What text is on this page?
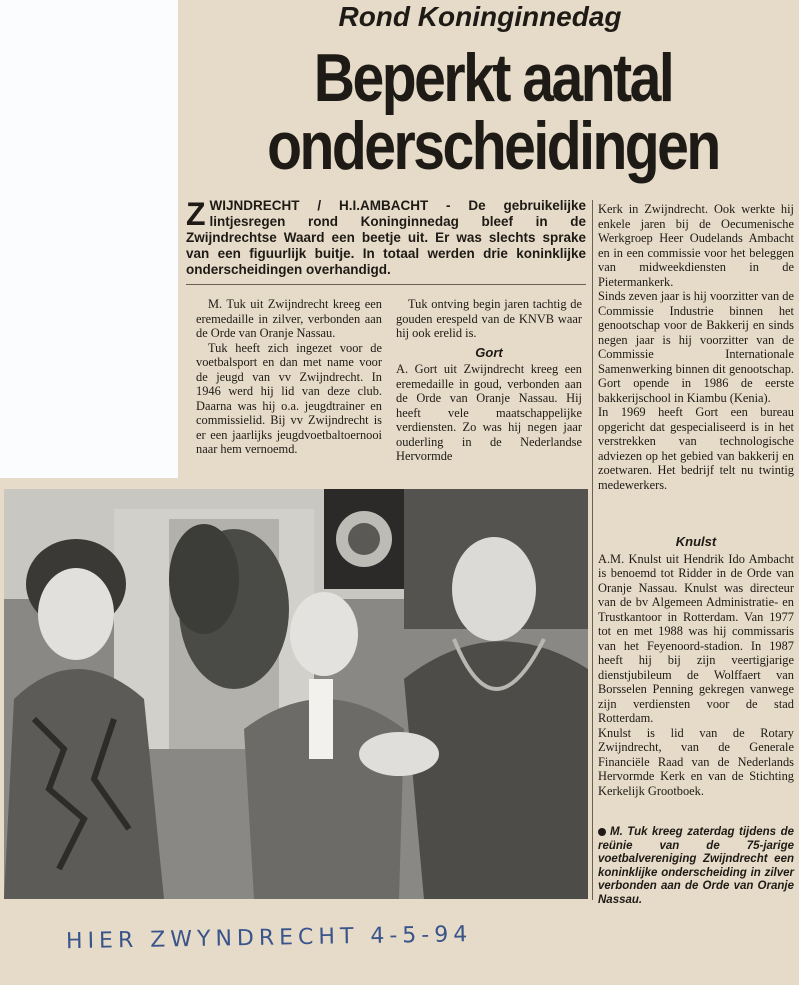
Rond Koninginnedag
Beperkt aantal
onderscheidingen

ZWIJNDRECHT / H.I.AMBACHT - De gebruikelijke lintjesregen rond Koninginnedag bleef in de Zwijndrechtse Waard een beetje uit. Er was slechts sprake van een figuurlijk buitje. In totaal werden drie koninklijke onderscheidingen overhandigd.

M. Tuk uit Zwijndrecht kreeg een eremedaille in zilver, verbonden aan de Orde van Oranje Nassau.

Tuk heeft zich ingezet voor de voetbalsport en dan met name voor de jeugd van vv Zwijndrecht. In 1946 werd hij lid van deze club. Daarna was hij o.a. jeugdtrainer en commissielid. Bij vv Zwijndrecht is er een jaarlijks jeugdvoetbaltoernooi naar hem vernoemd.

Tuk ontving begin jaren tachtig de gouden erespeld van de KNVB waar hij ook erelid is.

Gort

A. Gort uit Zwijndrecht kreeg een eremedaille in goud, verbonden aan de Orde van Oranje Nassau. Hij heeft vele maatschappelijke verdiensten. Zo was hij negen jaar ouderling in de Nederlandse Hervormde

Kerk in Zwijndrecht. Ook werkte hij enkele jaren bij de Oecumenische Werkgroep Heer Oudelands Ambacht en in een commissie voor het beleggen van midweekdiensten in de Pietermankerk.

Sinds zeven jaar is hij voorzitter van de Commissie Industrie binnen het genootschap voor de Bakkerij en sinds negen jaar is hij voorzitter van de Commissie Internationale Samenwerking binnen dit genootschap. Gort opende in 1986 de eerste bakkerijschool in Kiambu (Kenia).

In 1969 heeft Gort een bureau opgericht dat gespecialiseerd is in het verstrekken van technologische adviezen op het gebied van bakkerij en zoetwaren. Het bedrijf telt nu twintig medewerkers.

Knulst

A.M. Knulst uit Hendrik Ido Ambacht is benoemd tot Ridder in de Orde van Oranje Nassau. Knulst was directeur van de bv Algemeen Administratie- en Trustkantoor in Rotterdam. Van 1977 tot en met 1988 was hij commissaris van het Feyenoord-stadion. In 1987 heeft hij bij zijn veertigjarige dienstjubileum de Wolffaert van Borsselen Penning gekregen vanwege zijn verdiensten voor de stad Rotterdam.

Knulst is lid van de Rotary Zwijndrecht, van de Generale Financiële Raad van de Nederlands Hervormde Kerk en van de Stichting Kerkelijk Grootboek.

M. Tuk kreeg zaterdag tijdens de reünie van de 75-jarige voetbalvereniging Zwijndrecht een koninklijke onderscheiding in zilver verbonden aan de Orde van Oranje Nassau.
HIER ZWYNDRECHT 4-5-94
